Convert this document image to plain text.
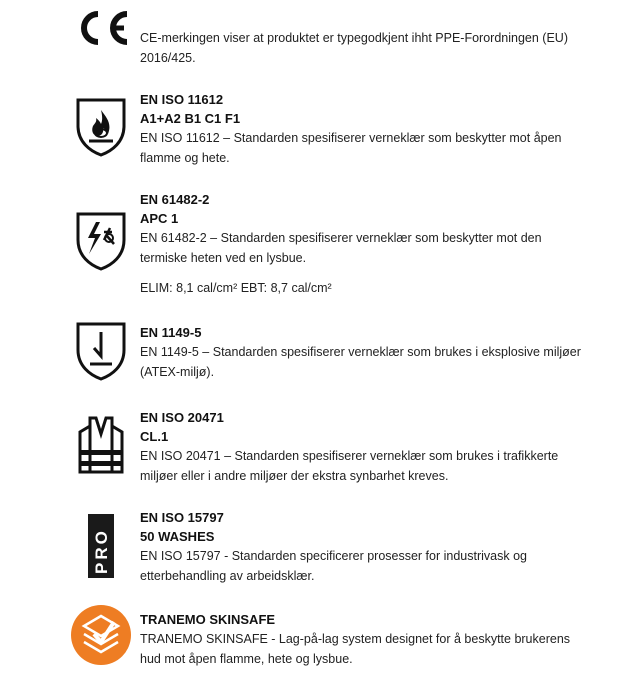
CE-merkingen viser at produktet er typegodkjent ihht PPE-Forordningen (EU)

2016/425.

EN ISO 11612
A1+A2 B1 C1 F1

EN ISO 11612 – Standarden spesifiserer verneklær som beskytter mot åpen

flamme og hete.

EN 61482-2
APC 1

EN 61482-2 – Standarden spesifiserer verneklær som beskytter mot den

termiske heten ved en lysbue.

ELIM: 8,1 cal/cm² EBT: 8,7 cal/cm²

EN 1149-5

EN 1149-5 – Standarden spesifiserer verneklær som brukes i eksplosive miljøer

(ATEX-miljø).

EN ISO 20471
CL.1

EN ISO 20471 – Standarden spesifiserer verneklær som brukes i trafikkerte

miljøer eller i andre miljøer der ekstra synbarhet kreves.

PRO
EN ISO 15797
50 WASHES

EN ISO 15797 - Standarden specificerer prosesser for industrivask og

etterbehandling av arbeidsklær.

TRANEMO SKINSAFE

TRANEMO SKINSAFE - Lag-på-lag system designet for å beskytte brukerens

hud mot åpen flamme, hete og lysbue.
